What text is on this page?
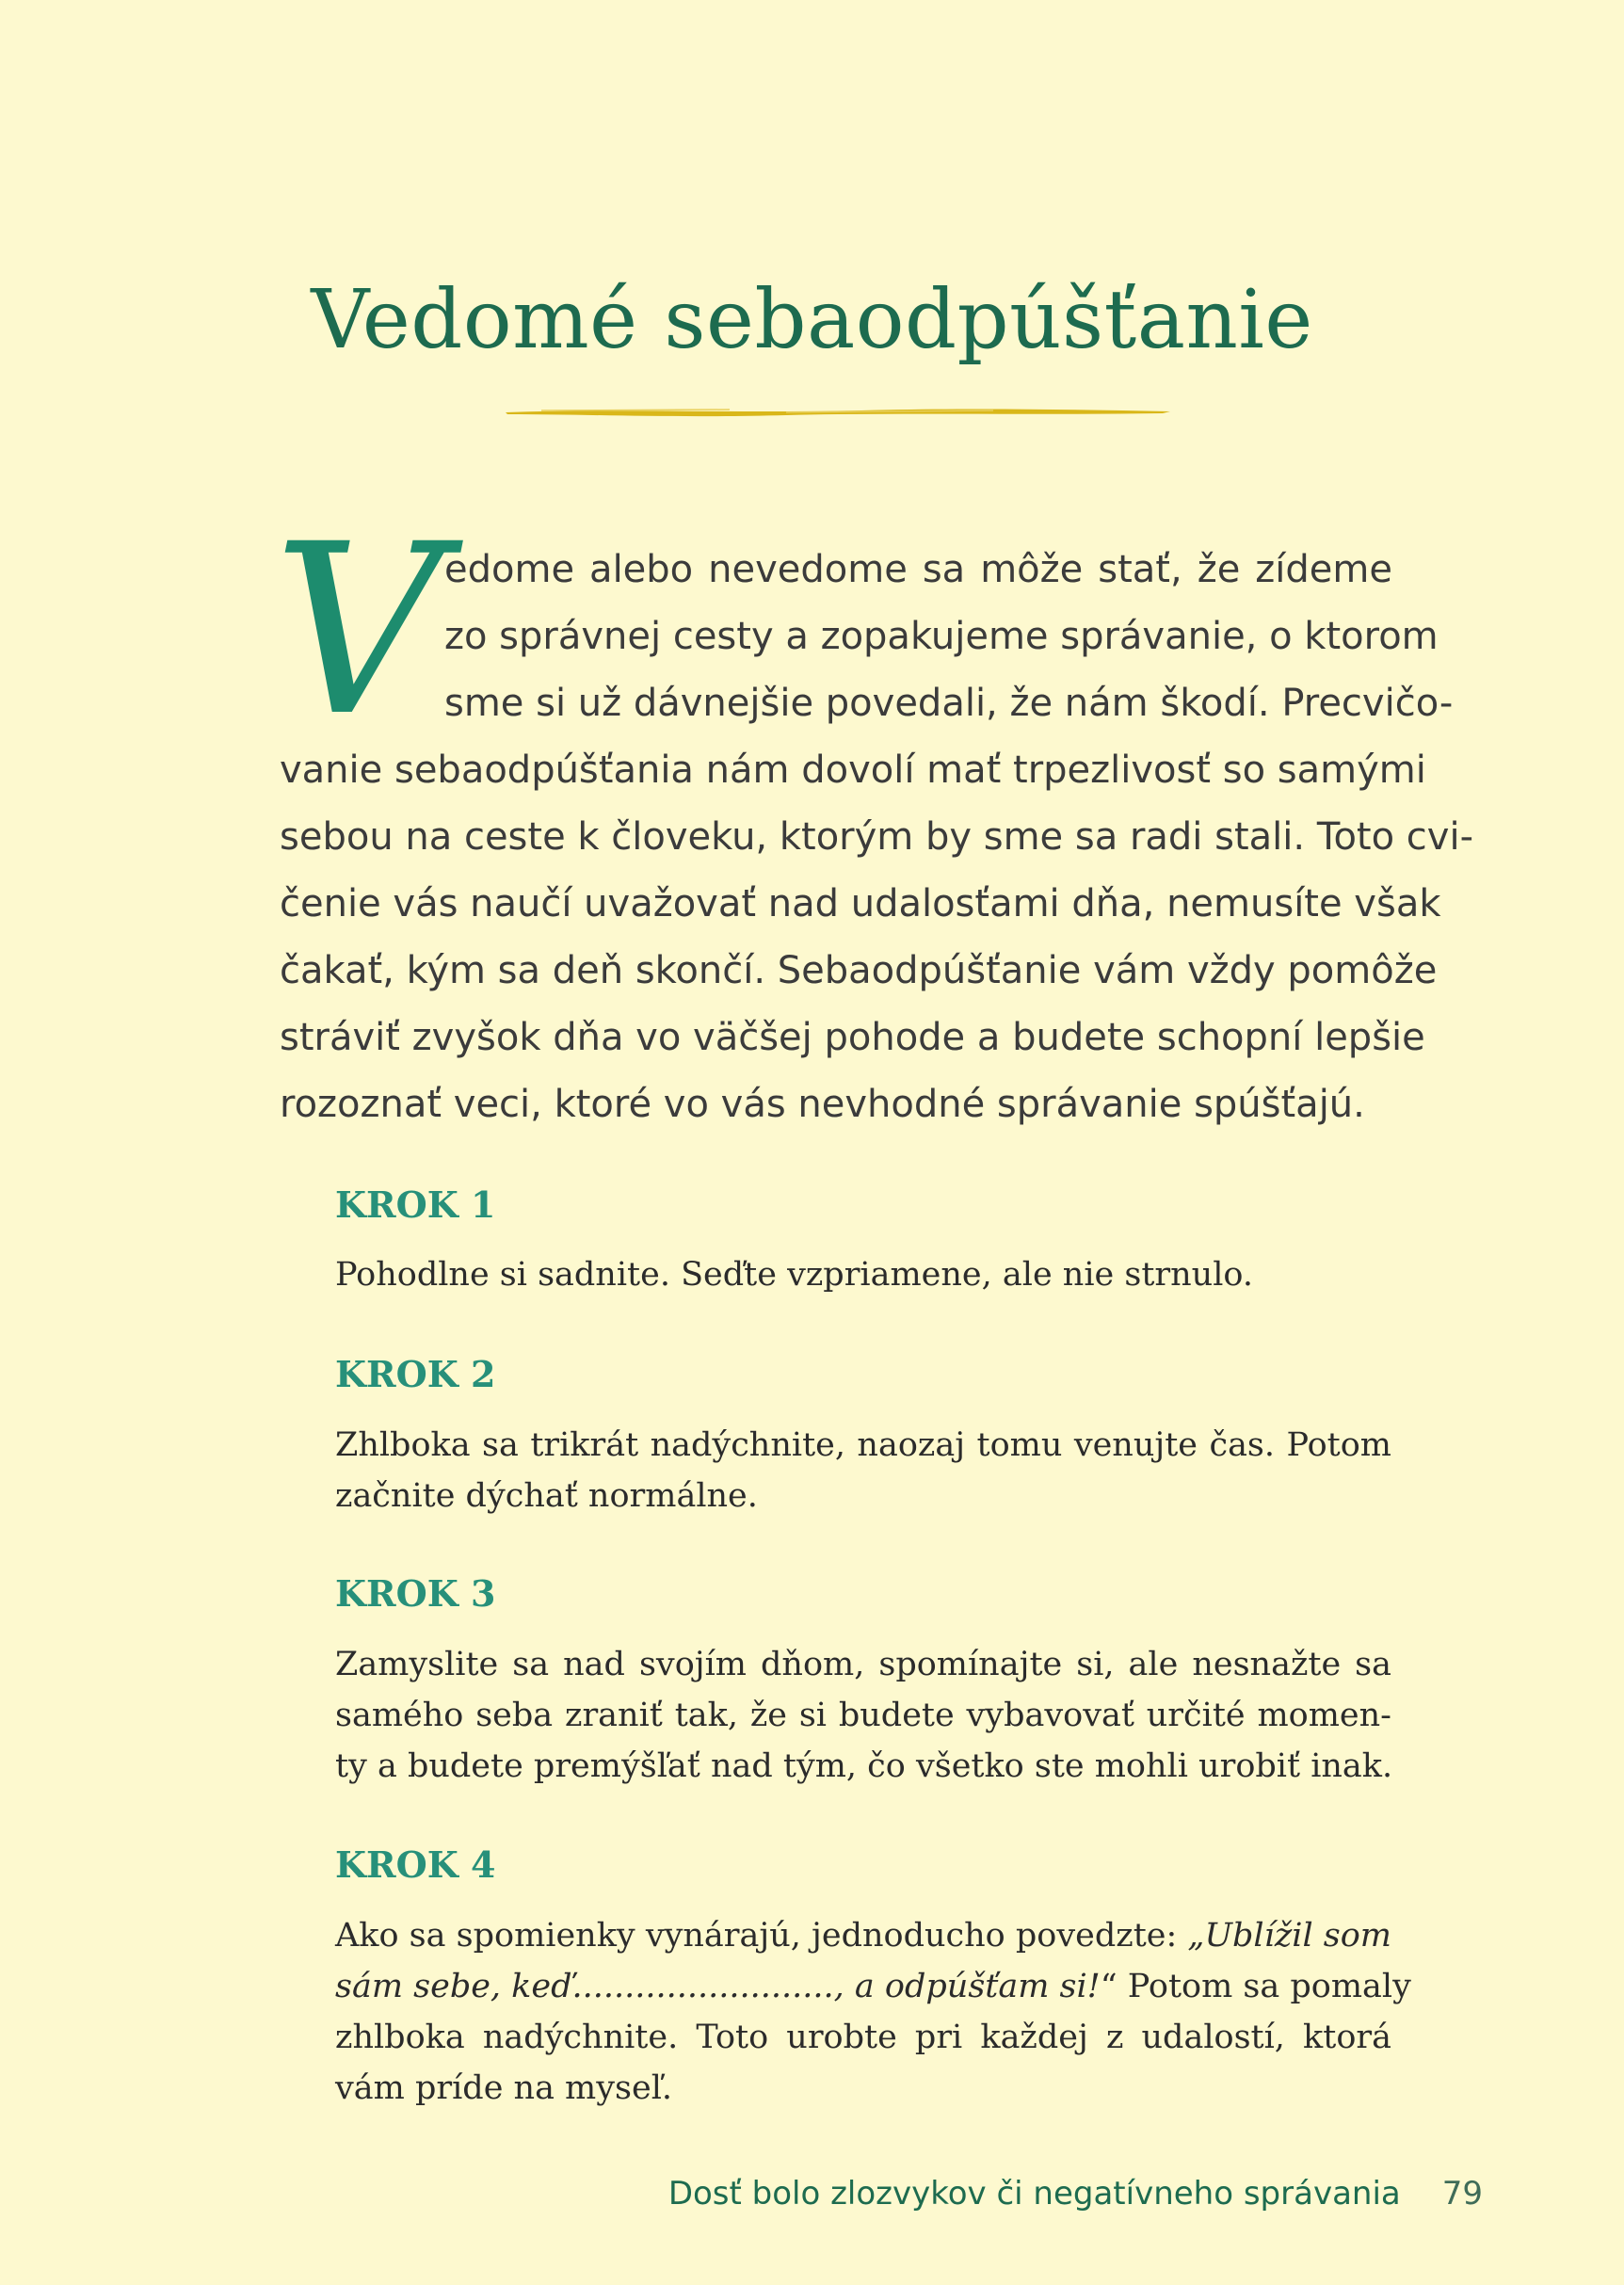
Vedomé sebaodpúšťanie
V edome alebo nevedome sa môže stať, že zídeme
zo správnej cesty a zopakujeme správanie, o ktorom
sme si už dávnejšie povedali, že nám škodí. Precvičo-
vanie sebaodpúšťania nám dovolí mať trpezlivosť so samými
sebou na ceste k človeku, ktorým by sme sa radi stali. Toto cvi-
čenie vás naučí uvažovať nad udalosťami dňa, nemusíte však
čakať, kým sa deň skončí. Sebaodpúšťanie vám vždy pomôže
stráviť zvyšok dňa vo väčšej pohode a budete schopní lepšie
rozoznať veci, ktoré vo vás nevhodné správanie spúšťajú.

KROK 1

Pohodlne si sadnite. Seďte vzpriamene, ale nie strnulo.

KROK 2

Zhlboka sa trikrát nadýchnite, naozaj tomu venujte čas. Potom
začnite dýchať normálne.

KROK 3

Zamyslite sa nad svojím dňom, spomínajte si, ale nesnažte sa
samého seba zraniť tak, že si budete vybavovať určité momen-
ty a budete premýšľať nad tým, čo všetko ste mohli urobiť inak.

KROK 4

Ako sa spomienky vynárajú, jednoducho povedzte: „Ublížil som
sám sebe, keď........................., a odpúšťam si!“ Potom sa pomaly
zhlboka nadýchnite. Toto urobte pri každej z udalostí, ktorá
vám príde na myseľ.

Dosť bolo zlozvykov či negatívneho správania 79
